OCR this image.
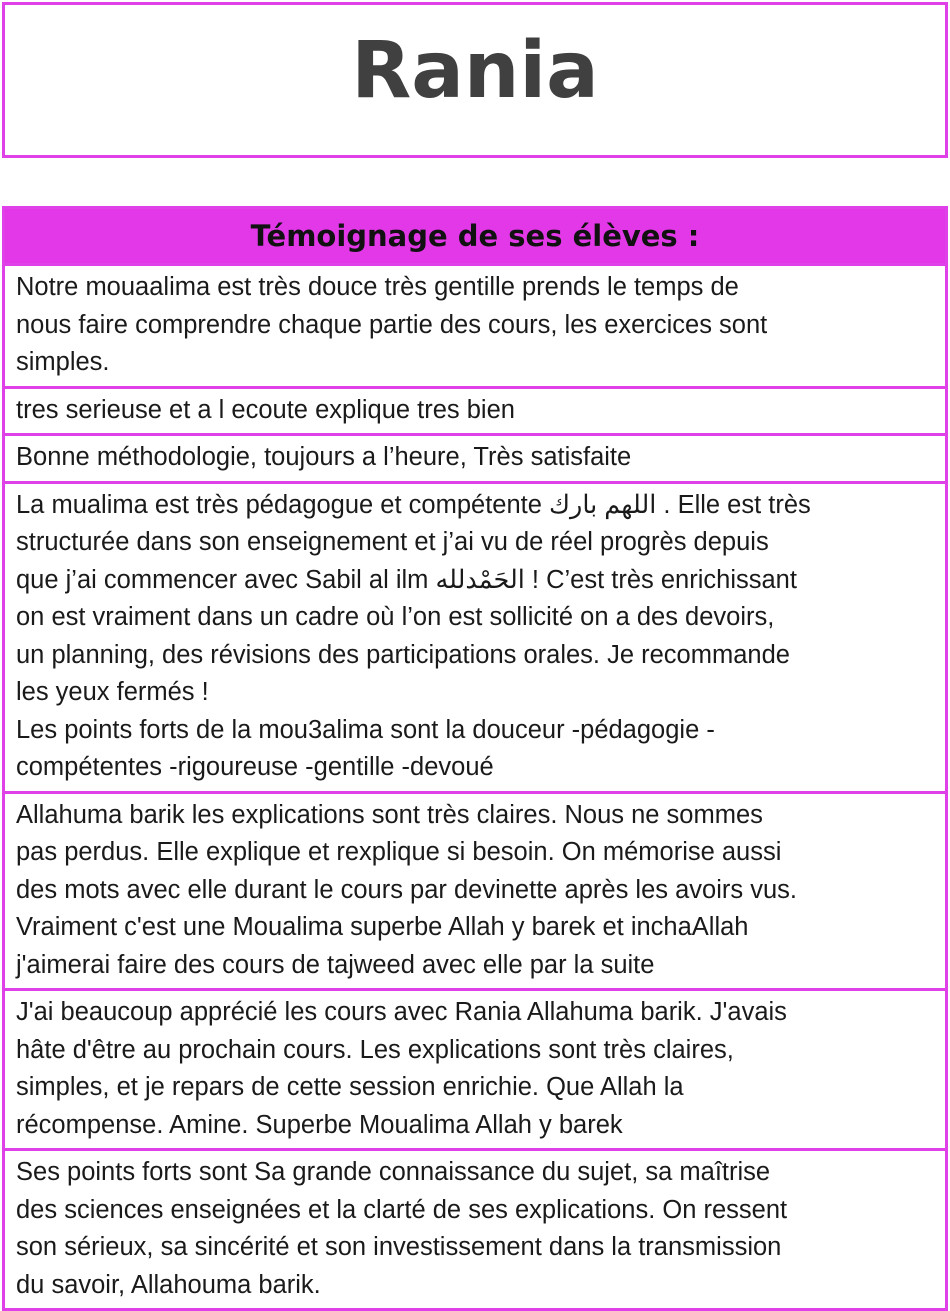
Rania
Témoignage de ses élèves :
Notre mouaalima est très douce très gentille prends le temps de
nous faire comprendre chaque partie des cours, les exercices sont
simples.
tres serieuse et a l ecoute explique tres bien
Bonne méthodologie, toujours a l’heure, Très satisfaite
La mualima est très pédagogue et compétente اللهم بارك . Elle est très
structurée dans son enseignement et j’ai vu de réel progrès depuis
que j’ai commencer avec Sabil al ilm الحَمْدلله ! C’est très enrichissant
on est vraiment dans un cadre où l’on est sollicité on a des devoirs,
un planning, des révisions des participations orales. Je recommande
les yeux fermés !
Les points forts de la mou3alima sont la douceur -pédagogie -
compétentes -rigoureuse -gentille -devoué
Allahuma barik les explications sont très claires. Nous ne sommes
pas perdus. Elle explique et rexplique si besoin. On mémorise aussi
des mots avec elle durant le cours par devinette après les avoirs vus.
Vraiment c'est une Moualima superbe Allah y barek et inchaAllah
j'aimerai faire des cours de tajweed avec elle par la suite
J'ai beaucoup apprécié les cours avec Rania Allahuma barik. J'avais
hâte d'être au prochain cours. Les explications sont très claires,
simples, et je repars de cette session enrichie. Que Allah la
récompense. Amine. Superbe Moualima Allah y barek
Ses points forts sont Sa grande connaissance du sujet, sa maîtrise
des sciences enseignées et la clarté de ses explications. On ressent
son sérieux, sa sincérité et son investissement dans la transmission
du savoir, Allahouma barik.
